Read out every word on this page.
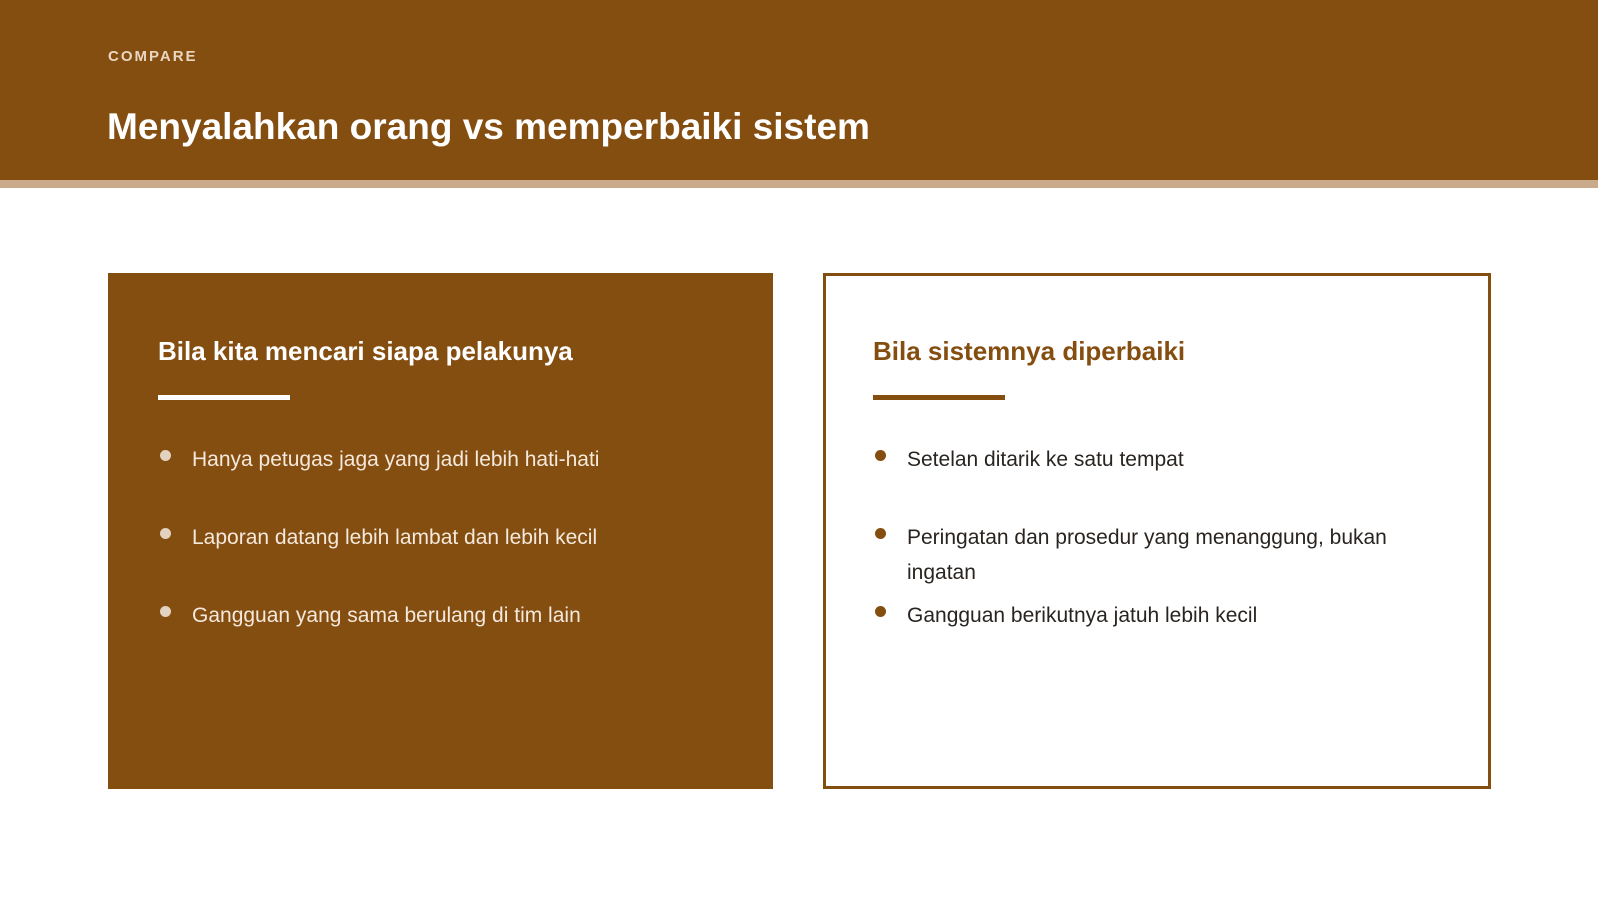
COMPARE

Menyalahkan orang vs memperbaiki sistem
Bila kita mencari siapa pelakunya
Hanya petugas jaga yang jadi lebih hati-hati
Laporan datang lebih lambat dan lebih kecil
Gangguan yang sama berulang di tim lain
Bila sistemnya diperbaiki
Setelan ditarik ke satu tempat
Peringatan dan prosedur yang menanggung, bukan ingatan
Gangguan berikutnya jatuh lebih kecil
